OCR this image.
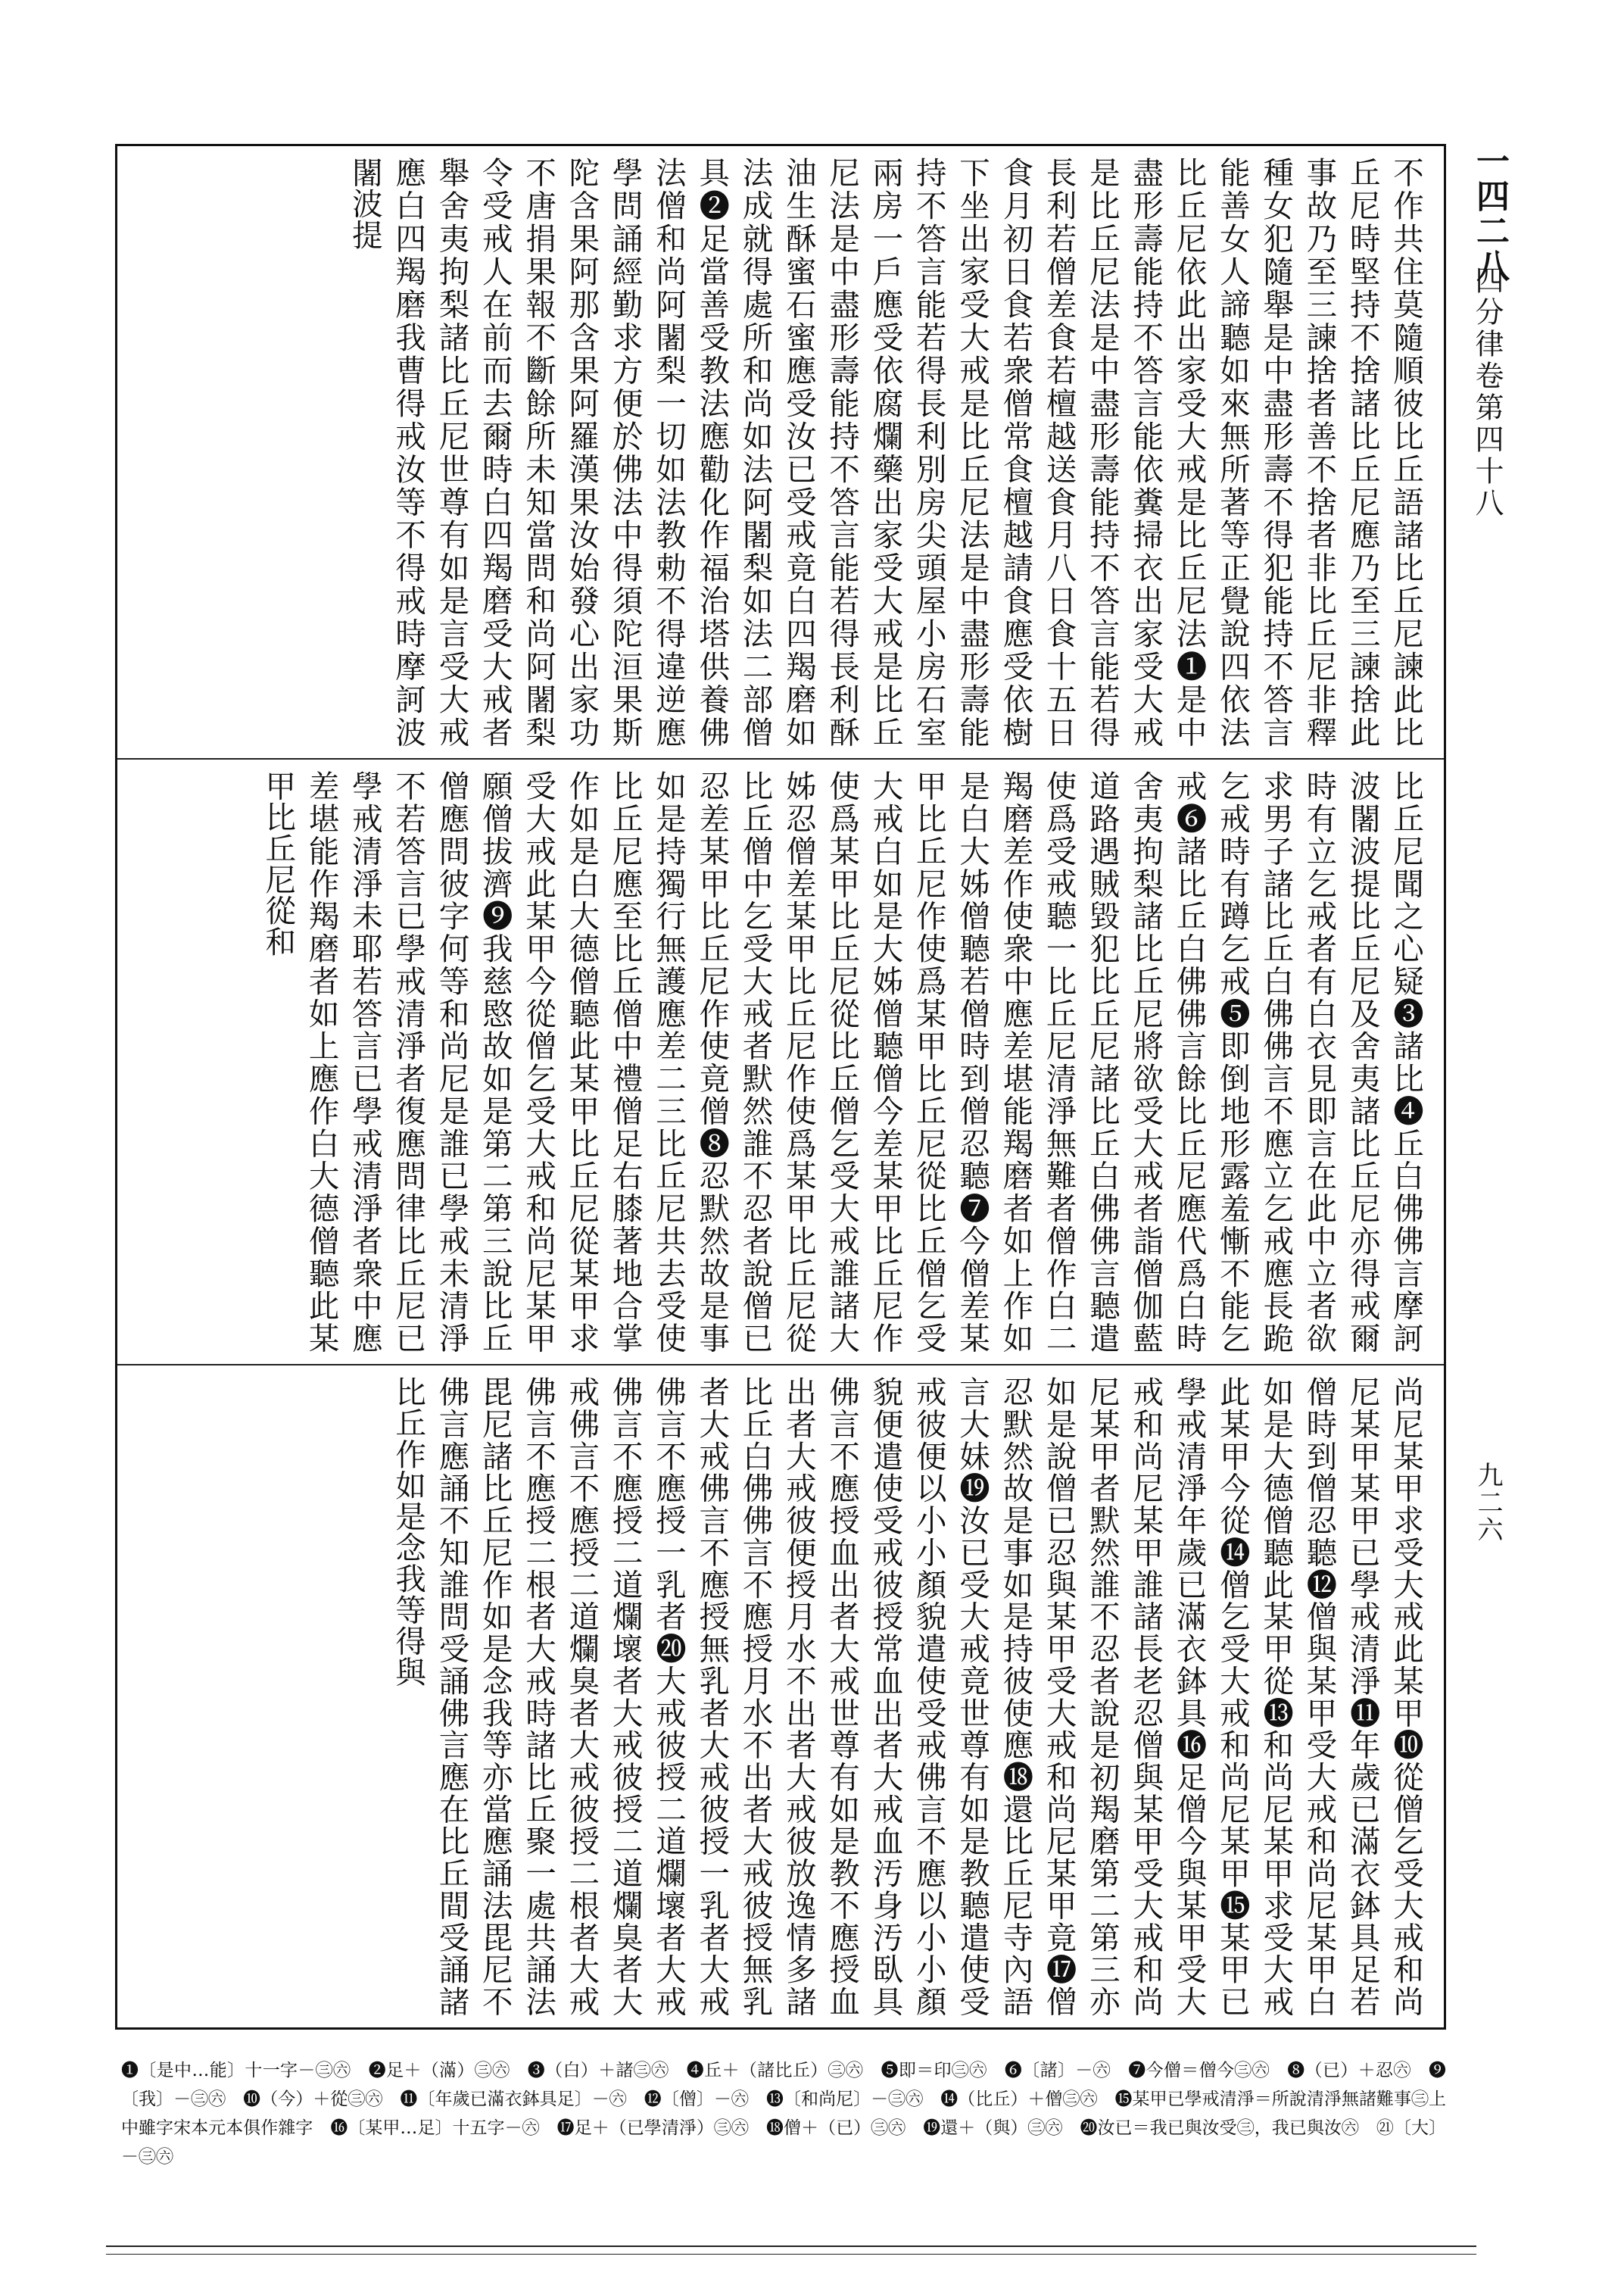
一四二八
四分律卷第四十八
九二六
不作共住莫隨順彼比丘語諸比丘尼諫此比丘尼時堅持不捨諸比丘尼應乃至三諫捨此事故乃至三諫捨者善不捨者非比丘尼非釋種女犯隨舉是中盡形壽不得犯能持不答言能善女人諦聽如來無所著等正覺說四依法比丘尼依此出家受大戒是比丘尼法❶是中盡形壽能持不答言能依糞掃衣出家受大戒是比丘尼法是中盡形壽能持不答言能若得長利若僧差食若檀越送食月八日食十五日食月初日食若衆僧常食檀越請食應受依樹下坐出家受大戒是比丘尼法是中盡形壽能持不答言能若得長利別房尖頭屋小房石室兩房一戶應受依腐爛藥出家受大戒是比丘尼法是中盡形壽能持不答言能若得長利酥油生酥蜜石蜜應受汝已受戒竟白四羯磨如法成就得處所和尚如法阿闍梨如法二部僧具❷足當善受教法應勸化作福治塔供養佛法僧和尚阿闍梨一切如法教勅不得違逆應學問誦經勤求方便於佛法中得須陀洹果斯陀含果阿那含果阿羅漢果汝始發心出家功不唐捐果報不斷餘所未知當問和尚阿闍梨令受戒人在前而去爾時白四羯磨受大戒者舉舍夷拘梨諸比丘尼世尊有如是言受大戒應白四羯磨我曹得戒汝等不得戒時摩訶波闍波提
比丘尼聞之心疑❸諸比❹丘白佛佛言摩訶波闍波提比丘尼及舍夷諸比丘尼亦得戒爾時有立乞戒者有白衣見即言在此中立者欲求男子諸比丘白佛佛言不應立乞戒應長跪乞戒時有蹲乞戒❺即倒地形露羞慚不能乞戒❻諸比丘白佛佛言餘比丘尼應代爲白時舍夷拘梨諸比丘尼將欲受大戒者詣僧伽藍道路遇賊毀犯比丘尼諸比丘白佛佛言聽遣使爲受戒聽一比丘尼清淨無難者僧作白二羯磨差作使衆中應差堪能羯磨者如上作如是白大姊僧聽若僧時到僧忍聽❼今僧差某甲比丘尼作使爲某甲比丘尼從比丘僧乞受大戒白如是大姊僧聽僧今差某甲比丘尼作使爲某甲比丘尼從比丘僧乞受大戒誰諸大姊忍僧差某甲比丘尼作使爲某甲比丘尼從比丘僧中乞受大戒者默然誰不忍者說僧已忍差某甲比丘尼作使竟僧❽忍默然故是事如是持獨行無護應差二三比丘尼共去受使比丘尼應至比丘僧中禮僧足右膝著地合掌作如是白大德僧聽此某甲比丘尼從某甲求受大戒此某甲今從僧乞受大戒和尚尼某甲願僧拔濟❾我慈愍故如是第二第三說比丘僧應問彼字何等和尚尼是誰已學戒未清淨不若答言已學戒清淨者復應問律比丘尼已學戒清淨未耶若答言已學戒清淨者衆中應差堪能作羯磨者如上應作白大德僧聽此某甲比丘尼從和
尚尼某甲求受大戒此某甲❿從僧乞受大戒和尚尼某甲某甲已學戒清淨⓫年歲已滿衣鉢具足若僧時到僧忍聽⓬僧與某甲受大戒和尚尼某甲白如是大德僧聽此某甲從⓭和尚尼某甲求受大戒此某甲今從⓮僧乞受大戒和尚尼某甲⓯某甲已學戒清淨年歲已滿衣鉢具⓰足僧今與某甲受大戒和尚尼某甲誰諸長老忍僧與某甲受大戒和尚尼某甲者默然誰不忍者說是初羯磨第二第三亦如是說僧已忍與某甲受大戒和尚尼某甲竟⓱僧忍默然故是事如是持彼使應⓲還比丘尼寺內語言大妹⓳汝已受大戒竟世尊有如是教聽遣使受戒彼便以小小顏貌遣使受戒佛言不應以小小顏貌便遣使受戒彼授常血出者大戒血汚身汚臥具佛言不應授血出者大戒世尊有如是教不應授血出者大戒彼便授月水不出者大戒彼放逸情多諸比丘白佛佛言不應授月水不出者大戒彼授無乳者大戒佛言不應授無乳者大戒彼授一乳者大戒佛言不應授一乳者⓴大戒彼授二道爛壞者大戒佛言不應授二道爛壞者大戒彼授二道爛臭者大戒佛言不應授二道爛臭者大戒彼授二根者大戒佛言不應授二根者大戒時諸比丘聚一處共誦法毘尼諸比丘尼作如是念我等亦當應誦法毘尼不佛言應誦不知誰問受誦佛言應在比丘間受誦諸比丘作如是念我等得與
❶〔是中…能〕十一字－㊂㊅　❷足＋（滿）㊂㊅　❸（白）＋諸㊂㊅　❹丘＋（諸比丘）㊂㊅　❺即＝印㊂㊅　❻〔諸〕－㊅　❼今僧＝僧今㊂㊅　❽（已）＋忍㊅　❾〔我〕－㊂㊅　❿（今）＋從㊂㊅　⓫〔年歲已滿衣鉢具足〕－㊅　⓬〔僧〕－㊅　⓭〔和尚尼〕－㊂㊅　⓮（比丘）＋僧㊂㊅　⓯某甲已學戒清淨＝所說清淨無諸難事㊂上中雖字宋本元本俱作雜字　⓰〔某甲…足〕十五字－㊅　⓱足＋（已學清淨）㊂㊅　⓲僧＋（已）㊂㊅　⓳還＋（與）㊂㊅　⓴汝已＝我已與汝受㊂，我已與汝㊅　㉑〔大〕－㊂㊅
